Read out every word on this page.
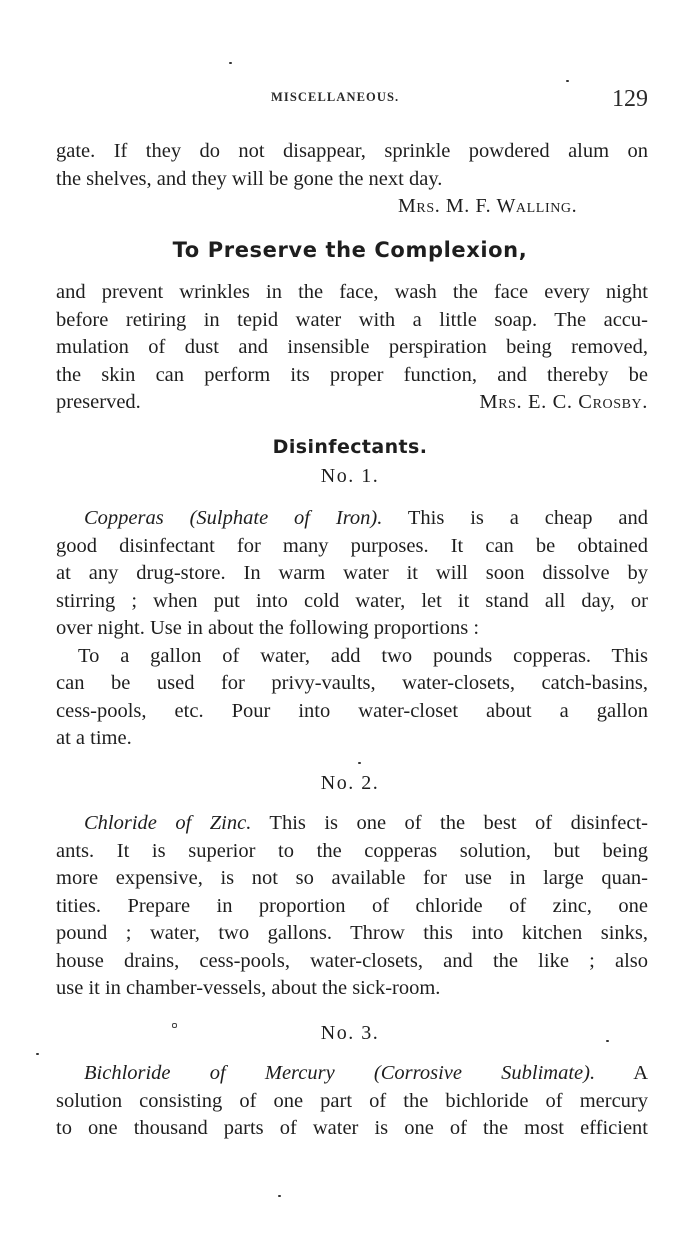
MISCELLANEOUS.	129
gate. If they do not disappear, sprinkle powdered alum on
the shelves, and they will be gone the next day.
Mrs. M. F. Walling.
To Preserve the Complexion,
and prevent wrinkles in the face, wash the face every night
before retiring in tepid water with a little soap. The accu-
mulation of dust and insensible perspiration being removed,
the skin can perform its proper function, and thereby be
preserved.	Mrs. E. C. Crosby.
Disinfectants.
No. 1.
Copperas (Sulphate of Iron). This is a cheap and
good disinfectant for many purposes. It can be obtained
at any drug-store. In warm water it will soon dissolve by
stirring ; when put into cold water, let it stand all day, or
over night. Use in about the following proportions :
To a gallon of water, add two pounds copperas. This
can be used for privy-vaults, water-closets, catch-basins,
cess-pools, etc. Pour into water-closet about a gallon
at a time.
No. 2.
Chloride of Zinc. This is one of the best of disinfect-
ants. It is superior to the copperas solution, but being
more expensive, is not so available for use in large quan-
tities. Prepare in proportion of chloride of zinc, one
pound ; water, two gallons. Throw this into kitchen sinks,
house drains, cess-pools, water-closets, and the like ; also
use it in chamber-vessels, about the sick-room.
No. 3.
Bichloride of Mercury (Corrosive Sublimate). A
solution consisting of one part of the bichloride of mercury
to one thousand parts of water is one of the most efficient
